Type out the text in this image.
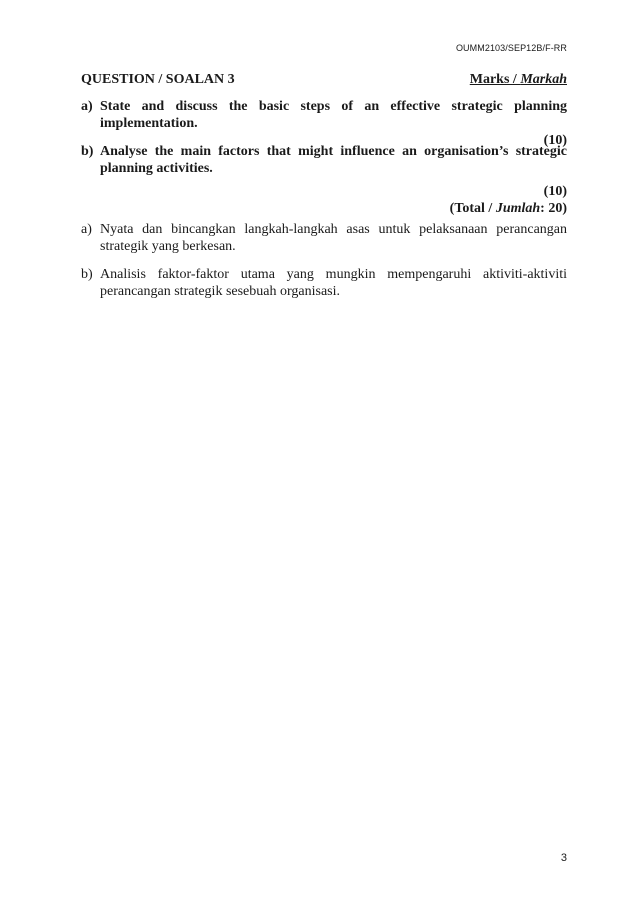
OUMM2103/SEP12B/F-RR
QUESTION / SOALAN 3	Marks / Markah
a) State and discuss the basic steps of an effective strategic planning implementation.
(10)
b) Analyse the main factors that might influence an organisation’s strategic planning activities.
(10)
(Total / Jumlah: 20)
a) Nyata dan bincangkan langkah-langkah asas untuk pelaksanaan perancangan strategik yang berkesan.
b) Analisis faktor-faktor utama yang mungkin mempengaruhi aktiviti-aktiviti perancangan strategik sesebuah organisasi.
3
